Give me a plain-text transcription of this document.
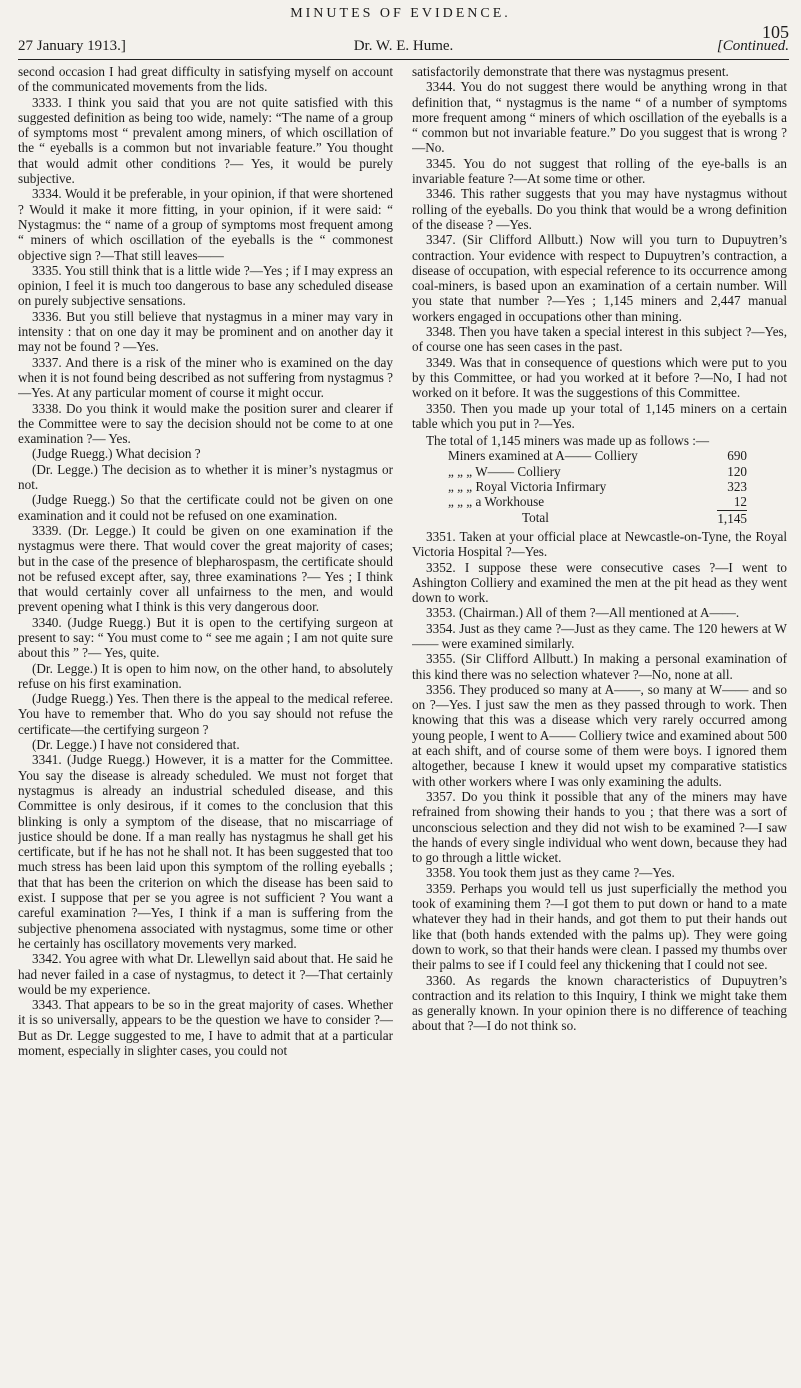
MINUTES OF EVIDENCE.
105
27 January 1913.]	Dr. W. E. Hume.	[Continued.

second occasion I had great difficulty in satisfying myself on account of the communicated movements from the lids.

3333. I think you said that you are not quite satisfied with this suggested definition as being too wide, namely: “The name of a group of symptoms most “ prevalent among miners, of which oscillation of the “ eyeballs is a common but not invariable feature.” You thought that would admit other conditions ?— Yes, it would be purely subjective.

3334. Would it be preferable, in your opinion, if that were shortened ? Would it make it more fitting, in your opinion, if it were said: “ Nystagmus: the “ name of a group of symptoms most frequent among “ miners of which oscillation of the eyeballs is the “ commonest objective sign ?—That still leaves——

3335. You still think that is a little wide ?—Yes ; if I may express an opinion, I feel it is much too dangerous to base any scheduled disease on purely subjective sensations.

3336. But you still believe that nystagmus in a miner may vary in intensity : that on one day it may be prominent and on another day it may not be found ? —Yes.

3337. And there is a risk of the miner who is examined on the day when it is not found being described as not suffering from nystagmus ?—Yes. At any particular moment of course it might occur.

3338. Do you think it would make the position surer and clearer if the Committee were to say the decision should not be come to at one examination ?— Yes.

(Judge Ruegg.) What decision ?

(Dr. Legge.) The decision as to whether it is miner’s nystagmus or not.

(Judge Ruegg.) So that the certificate could not be given on one examination and it could not be refused on one examination.

3339. (Dr. Legge.) It could be given on one examination if the nystagmus were there. That would cover the great majority of cases; but in the case of the presence of blepharospasm, the certificate should not be refused except after, say, three examinations ?— Yes ; I think that would certainly cover all unfairness to the men, and would prevent opening what I think is this very dangerous door.

3340. (Judge Ruegg.) But it is open to the certifying surgeon at present to say: “ You must come to “ see me again ; I am not quite sure about this ” ?— Yes, quite.

(Dr. Legge.) It is open to him now, on the other hand, to absolutely refuse on his first examination.

(Judge Ruegg.) Yes. Then there is the appeal to the medical referee. You have to remember that. Who do you say should not refuse the certificate—the certifying surgeon ?

(Dr. Legge.) I have not considered that.

3341. (Judge Ruegg.) However, it is a matter for the Committee. You say the disease is already scheduled. We must not forget that nystagmus is already an industrial scheduled disease, and this Committee is only desirous, if it comes to the conclusion that this blinking is only a symptom of the disease, that no miscarriage of justice should be done. If a man really has nystagmus he shall get his certificate, but if he has not he shall not. It has been suggested that too much stress has been laid upon this symptom of the rolling eyeballs ; that that has been the criterion on which the disease has been said to exist. I suppose that per se you agree is not sufficient ? You want a careful examination ?—Yes, I think if a man is suffering from the subjective phenomena associated with nystagmus, some time or other he certainly has oscillatory movements very marked.

3342. You agree with what Dr. Llewellyn said about that. He said he had never failed in a case of nystagmus, to detect it ?—That certainly would be my experience.

3343. That appears to be so in the great majority of cases. Whether it is so universally, appears to be the question we have to consider ?—But as Dr. Legge suggested to me, I have to admit that at a particular moment, especially in slighter cases, you could not

satisfactorily demonstrate that there was nystagmus present.

3344. You do not suggest there would be anything wrong in that definition that, “ nystagmus is the name “ of a number of symptoms more frequent among “ miners of which oscillation of the eyeballs is a “ common but not invariable feature.” Do you suggest that is wrong ?—No.

3345. You do not suggest that rolling of the eye-balls is an invariable feature ?—At some time or other.

3346. This rather suggests that you may have nystagmus without rolling of the eyeballs. Do you think that would be a wrong definition of the disease ? —Yes.

3347. (Sir Clifford Allbutt.) Now will you turn to Dupuytren’s contraction. Your evidence with respect to Dupuytren’s contraction, a disease of occupation, with especial reference to its occurrence among coal-miners, is based upon an examination of a certain number. Will you state that number ?—Yes ; 1,145 miners and 2,447 manual workers engaged in occupations other than mining.

3348. Then you have taken a special interest in this subject ?—Yes, of course one has seen cases in the past.

3349. Was that in consequence of questions which were put to you by this Committee, or had you worked at it before ?—No, I had not worked on it before. It was the suggestions of this Committee.

3350. Then you made up your total of 1,145 miners on a certain table which you put in ?—Yes.

The total of 1,145 miners was made up as follows :—

Miners examined at A—— Colliery	690
„ „ „ W—— Colliery	120
„ „ „ Royal Victoria Infirmary	323
„ „ „ a Workhouse	12
Total	1,145

3351. Taken at your official place at Newcastle-on-Tyne, the Royal Victoria Hospital ?—Yes.

3352. I suppose these were consecutive cases ?—I went to Ashington Colliery and examined the men at the pit head as they went down to work.

3353. (Chairman.) All of them ?—All mentioned at A——.

3354. Just as they came ?—Just as they came. The 120 hewers at W—— were examined similarly.

3355. (Sir Clifford Allbutt.) In making a personal examination of this kind there was no selection whatever ?—No, none at all.

3356. They produced so many at A——, so many at W—— and so on ?—Yes. I just saw the men as they passed through to work. Then knowing that this was a disease which very rarely occurred among young people, I went to A—— Colliery twice and examined about 500 at each shift, and of course some of them were boys. I ignored them altogether, because I knew it would upset my comparative statistics with other workers where I was only examining the adults.

3357. Do you think it possible that any of the miners may have refrained from showing their hands to you ; that there was a sort of unconscious selection and they did not wish to be examined ?—I saw the hands of every single individual who went down, because they had to go through a little wicket.

3358. You took them just as they came ?—Yes.

3359. Perhaps you would tell us just superficially the method you took of examining them ?—I got them to put down or hand to a mate whatever they had in their hands, and got them to put their hands out like that (both hands extended with the palms up). They were going down to work, so that their hands were clean. I passed my thumbs over their palms to see if I could feel any thickening that I could not see.

3360. As regards the known characteristics of Dupuytren’s contraction and its relation to this Inquiry, I think we might take them as generally known. In your opinion there is no difference of teaching about that ?—I do not think so.
